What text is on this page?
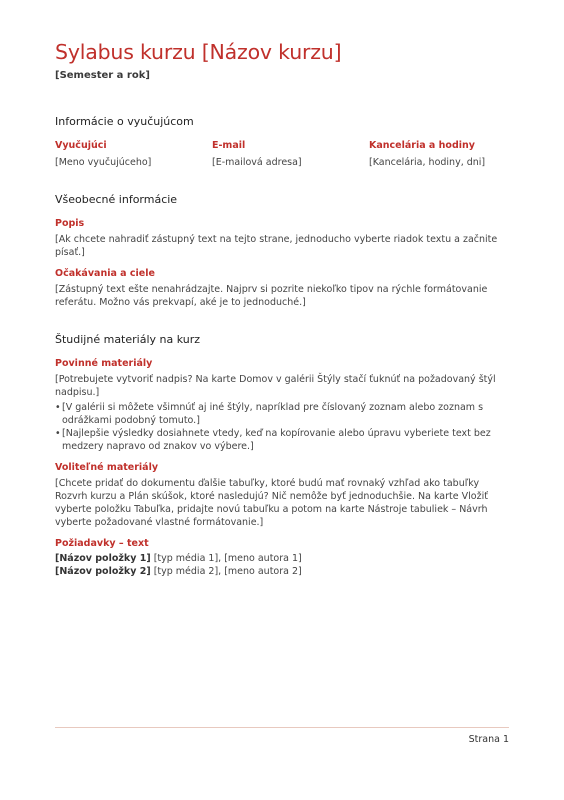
Sylabus kurzu [Názov kurzu]
[Semester a rok]
Informácie o vyučujúcom
Vyučujúci
[Meno vyučujúceho]
E-mail
[E-mailová adresa]
Kancelária a hodiny
[Kancelária, hodiny, dni]
Všeobecné informácie
Popis

[Ak chcete nahradiť zástupný text na tejto strane, jednoducho vyberte riadok textu a začnite písať.]

Očakávania a ciele

[Zástupný text ešte nenahrádzajte. Najprv si pozrite niekoľko tipov na rýchle formátovanie referátu. Možno vás prekvapí, aké je to jednoduché.]

Študijné materiály na kurz
Povinné materiály

[Potrebujete vytvoriť nadpis? Na karte Domov v galérii Štýly stačí ťuknúť na požadovaný štýl nadpisu.]

• [V galérii si môžete všimnúť aj iné štýly, napríklad pre číslovaný zoznam alebo zoznam s odrážkami podobný tomuto.]
• [Najlepšie výsledky dosiahnete vtedy, keď na kopírovanie alebo úpravu vyberiete text bez medzery napravo od znakov vo výbere.]
Voliteľné materiály

[Chcete pridať do dokumentu ďalšie tabuľky, ktoré budú mať rovnaký vzhľad ako tabuľky Rozvrh kurzu a Plán skúšok, ktoré nasledujú? Nič nemôže byť jednoduchšie. Na karte Vložiť vyberte položku Tabuľka, pridajte novú tabuľku a potom na karte Nástroje tabuliek – Návrh vyberte požadované vlastné formátovanie.]

Požiadavky – text
[Názov položky 1] [typ média 1], [meno autora 1]
[Názov položky 2] [typ média 2], [meno autora 2]
Strana 1
